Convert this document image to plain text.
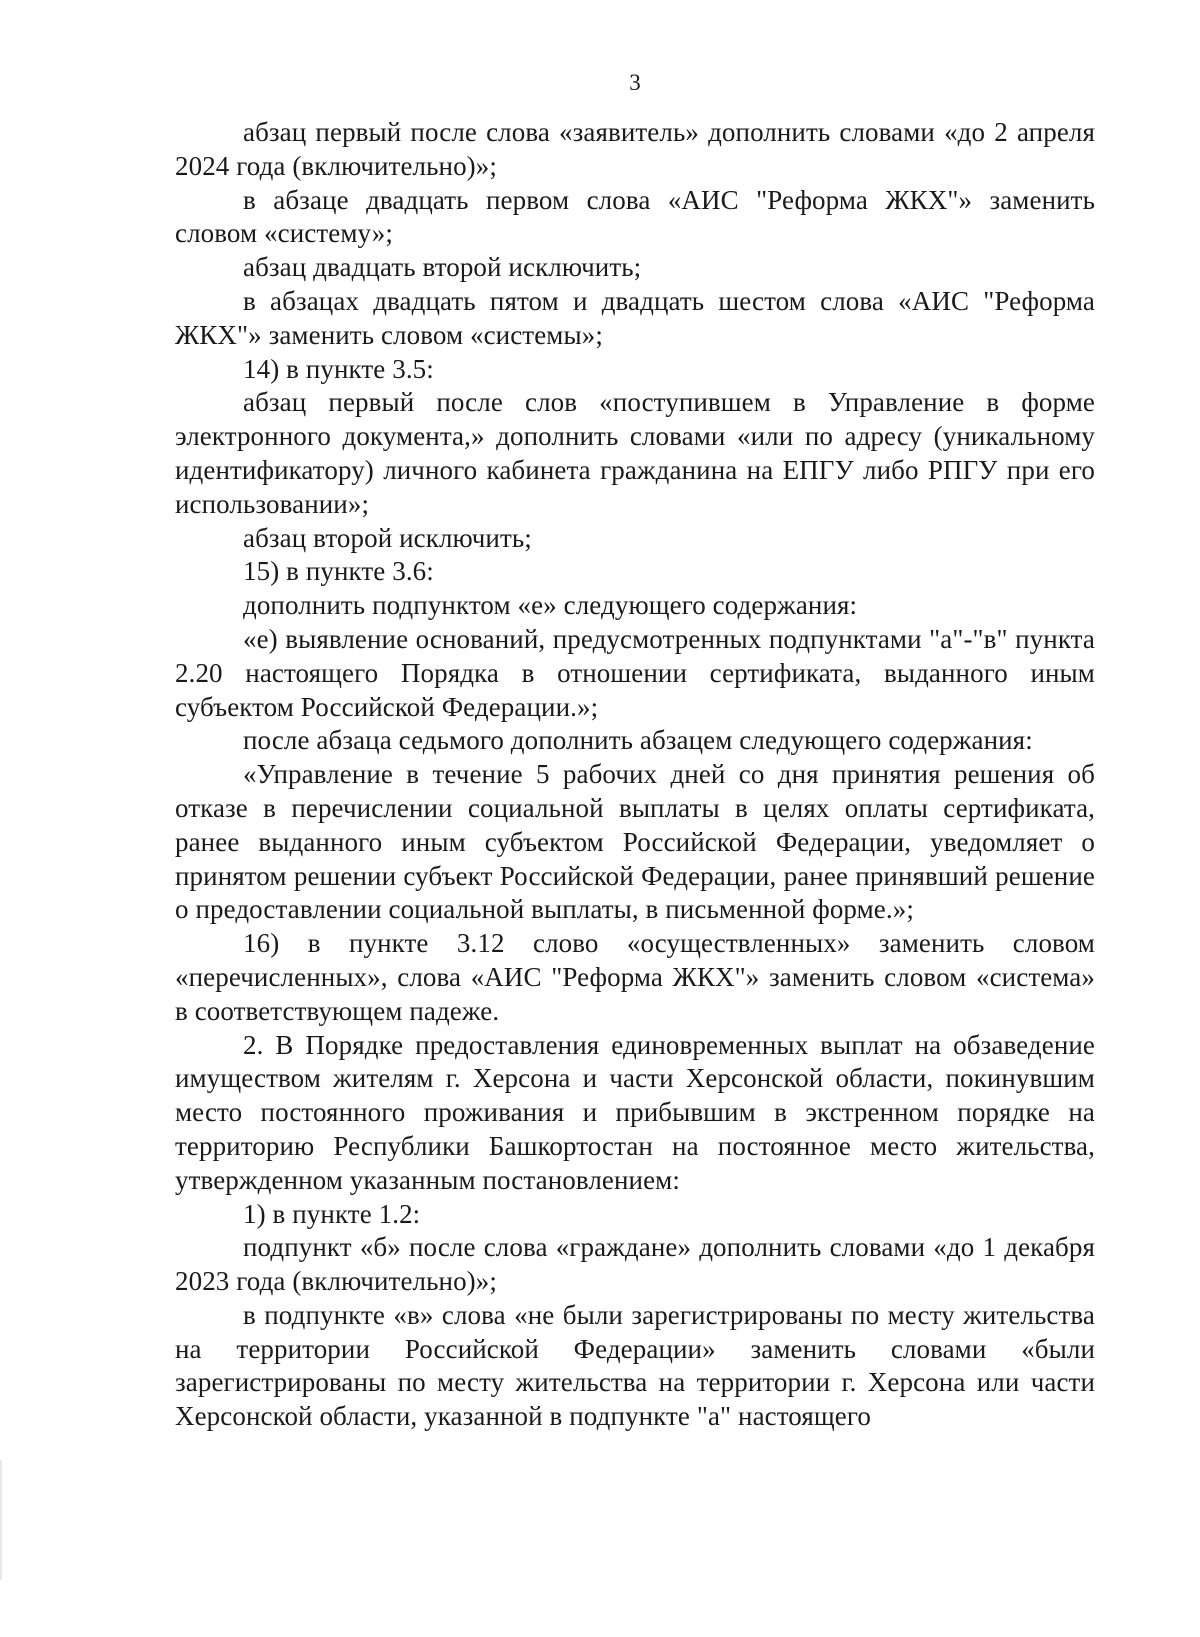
3

абзац первый после слова «заявитель» дополнить словами «до 2 апреля 2024 года (включительно)»;

в абзаце двадцать первом слова «АИС "Реформа ЖКХ"» заменить словом «систему»;

абзац двадцать второй исключить;

в абзацах двадцать пятом и двадцать шестом слова «АИС "Реформа ЖКХ"» заменить словом «системы»;

14) в пункте 3.5:

абзац первый после слов «поступившем в Управление в форме электронного документа,» дополнить словами «или по адресу (уникальному идентификатору) личного кабинета гражданина на ЕПГУ либо РПГУ при его использовании»;

абзац второй исключить;

15) в пункте 3.6:

дополнить подпунктом «е» следующего содержания:

«е) выявление оснований, предусмотренных подпунктами "а"-"в" пункта 2.20 настоящего Порядка в отношении сертификата, выданного иным субъектом Российской Федерации.»;

после абзаца седьмого дополнить абзацем следующего содержания:

«Управление в течение 5 рабочих дней со дня принятия решения об отказе в перечислении социальной выплаты в целях оплаты сертификата, ранее выданного иным субъектом Российской Федерации, уведомляет о принятом решении субъект Российской Федерации, ранее принявший решение о предоставлении социальной выплаты, в письменной форме.»;

16) в пункте 3.12 слово «осуществленных» заменить словом «перечисленных», слова «АИС "Реформа ЖКХ"» заменить словом «система» в соответствующем падеже.

2. В Порядке предоставления единовременных выплат на обзаведение имуществом жителям г. Херсона и части Херсонской области, покинувшим место постоянного проживания и прибывшим в экстренном порядке на территорию Республики Башкортостан на постоянное место жительства, утвержденном указанным постановлением:

1) в пункте 1.2:

подпункт «б» после слова «граждане» дополнить словами «до 1 декабря 2023 года (включительно)»;

в подпункте «в» слова «не были зарегистрированы по месту жительства на территории Российской Федерации» заменить словами «были зарегистрированы по месту жительства на территории г. Херсона или части Херсонской области, указанной в подпункте "а" настоящего
